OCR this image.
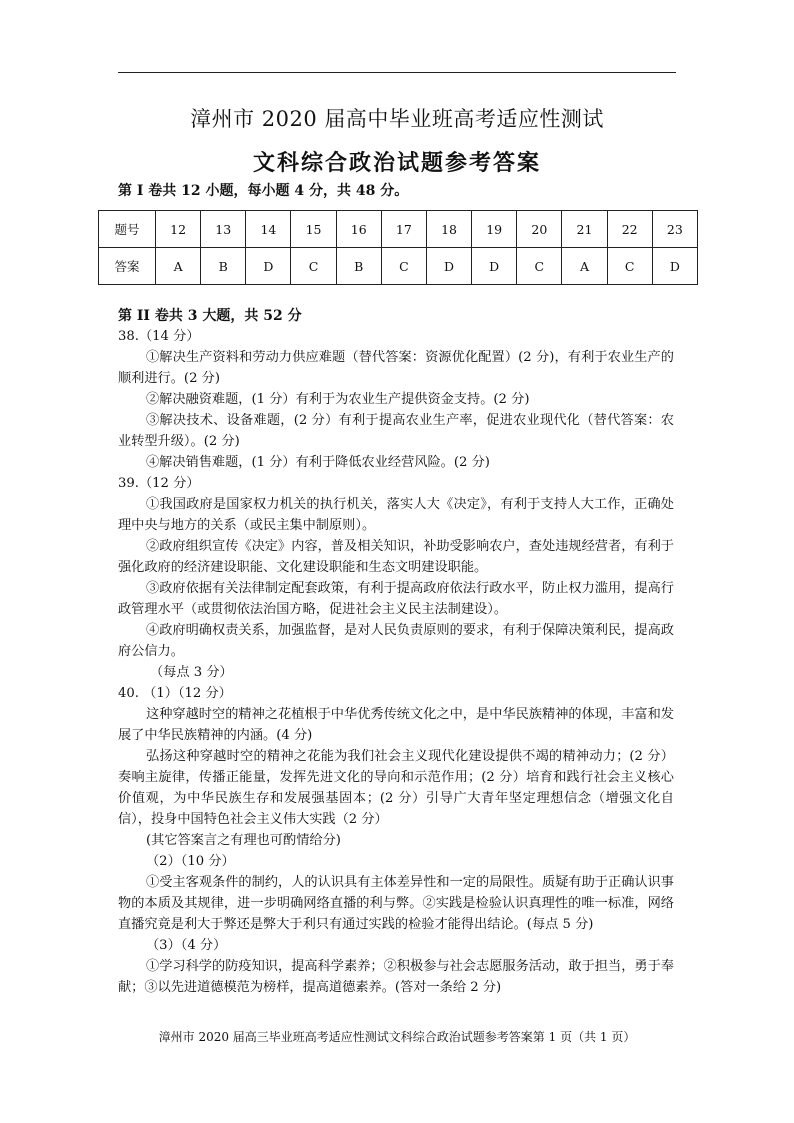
漳州市 2020 届高中毕业班高考适应性测试
文科综合政治试题参考答案
第 I 卷共 12 小题，每小题 4 分，共 48 分。
题号	12	13	14	15	16	17	18	19	20	21	22	23
答案	A	B	D	C	B	C	D	D	C	A	C	D
第 II 卷共 3 大题，共 52 分

38.（14 分）

①解决生产资料和劳动力供应难题（替代答案：资源优化配置）(2 分)，有利于农业生产的顺利进行。(2 分)

②解决融资难题，(1 分）有利于为农业生产提供资金支持。(2 分)

③解决技术、设备难题，(2 分）有利于提高农业生产率，促进农业现代化（替代答案：农业转型升级）。(2 分)

④解决销售难题，(1 分）有利于降低农业经营风险。(2 分)

39.（12 分）

①我国政府是国家权力机关的执行机关，落实人大《决定》，有利于支持人大工作，正确处理中央与地方的关系（或民主集中制原则）。

②政府组织宣传《决定》内容，普及相关知识，补助受影响农户，查处违规经营者，有利于强化政府的经济建设职能、文化建设职能和生态文明建设职能。

③政府依据有关法律制定配套政策，有利于提高政府依法行政水平，防止权力滥用，提高行政管理水平（或贯彻依法治国方略，促进社会主义民主法制建设）。

④政府明确权责关系，加强监督，是对人民负责原则的要求，有利于保障决策利民，提高政府公信力。

（每点 3 分）

40. （1）（12 分）

这种穿越时空的精神之花植根于中华优秀传统文化之中，是中华民族精神的体现，丰富和发展了中华民族精神的内涵。(4 分)

弘扬这种穿越时空的精神之花能为我们社会主义现代化建设提供不竭的精神动力；(2 分）奏响主旋律，传播正能量，发挥先进文化的导向和示范作用；(2 分）培育和践行社会主义核心价值观，为中华民族生存和发展强基固本；(2 分）引导广大青年坚定理想信念（增强文化自信），投身中国特色社会主义伟大实践（2 分）

(其它答案言之有理也可酌情给分)

（2）（10 分）

①受主客观条件的制约，人的认识具有主体差异性和一定的局限性。质疑有助于正确认识事物的本质及其规律，进一步明确网络直播的利与弊。②实践是检验认识真理性的唯一标准，网络直播究竟是利大于弊还是弊大于利只有通过实践的检验才能得出结论。(每点 5 分)

（3）（4 分）

①学习科学的防疫知识，提高科学素养；②积极参与社会志愿服务活动，敢于担当，勇于奉献；③以先进道德模范为榜样，提高道德素养。(答对一条给 2 分)

漳州市 2020 届高三毕业班高考适应性测试文科综合政治试题参考答案第 1 页（共 1 页）
